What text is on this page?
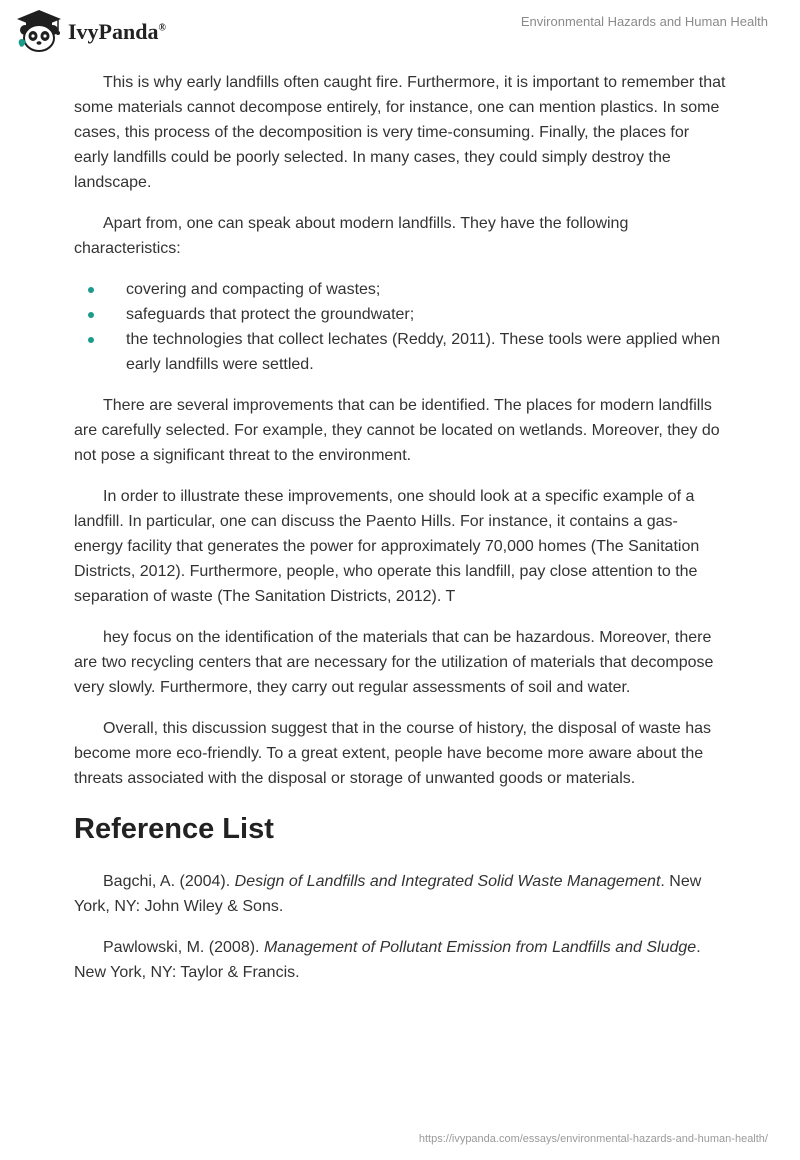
IvyPanda®	Environmental Hazards and Human Health

This is why early landfills often caught fire. Furthermore, it is important to remember that some materials cannot decompose entirely, for instance, one can mention plastics. In some cases, this process of the decomposition is very time-consuming. Finally, the places for early landfills could be poorly selected. In many cases, they could simply destroy the landscape.

Apart from, one can speak about modern landfills. They have the following characteristics:

covering and compacting of wastes;
safeguards that protect the groundwater;
the technologies that collect lechates (Reddy, 2011). These tools were applied when early landfills were settled.

There are several improvements that can be identified. The places for modern landfills are carefully selected. For example, they cannot be located on wetlands. Moreover, they do not pose a significant threat to the environment.

In order to illustrate these improvements, one should look at a specific example of a landfill. In particular, one can discuss the Paento Hills. For instance, it contains a gas-energy facility that generates the power for approximately 70,000 homes (The Sanitation Districts, 2012). Furthermore, people, who operate this landfill, pay close attention to the separation of waste (The Sanitation Districts, 2012). T

hey focus on the identification of the materials that can be hazardous. Moreover, there are two recycling centers that are necessary for the utilization of materials that decompose very slowly. Furthermore, they carry out regular assessments of soil and water.

Overall, this discussion suggest that in the course of history, the disposal of waste has become more eco-friendly. To a great extent, people have become more aware about the threats associated with the disposal or storage of unwanted goods or materials.

Reference List

Bagchi, A. (2004). Design of Landfills and Integrated Solid Waste Management. New York, NY: John Wiley & Sons.

Pawlowski, M. (2008). Management of Pollutant Emission from Landfills and Sludge. New York, NY: Taylor & Francis.

https://ivypanda.com/essays/environmental-hazards-and-human-health/
